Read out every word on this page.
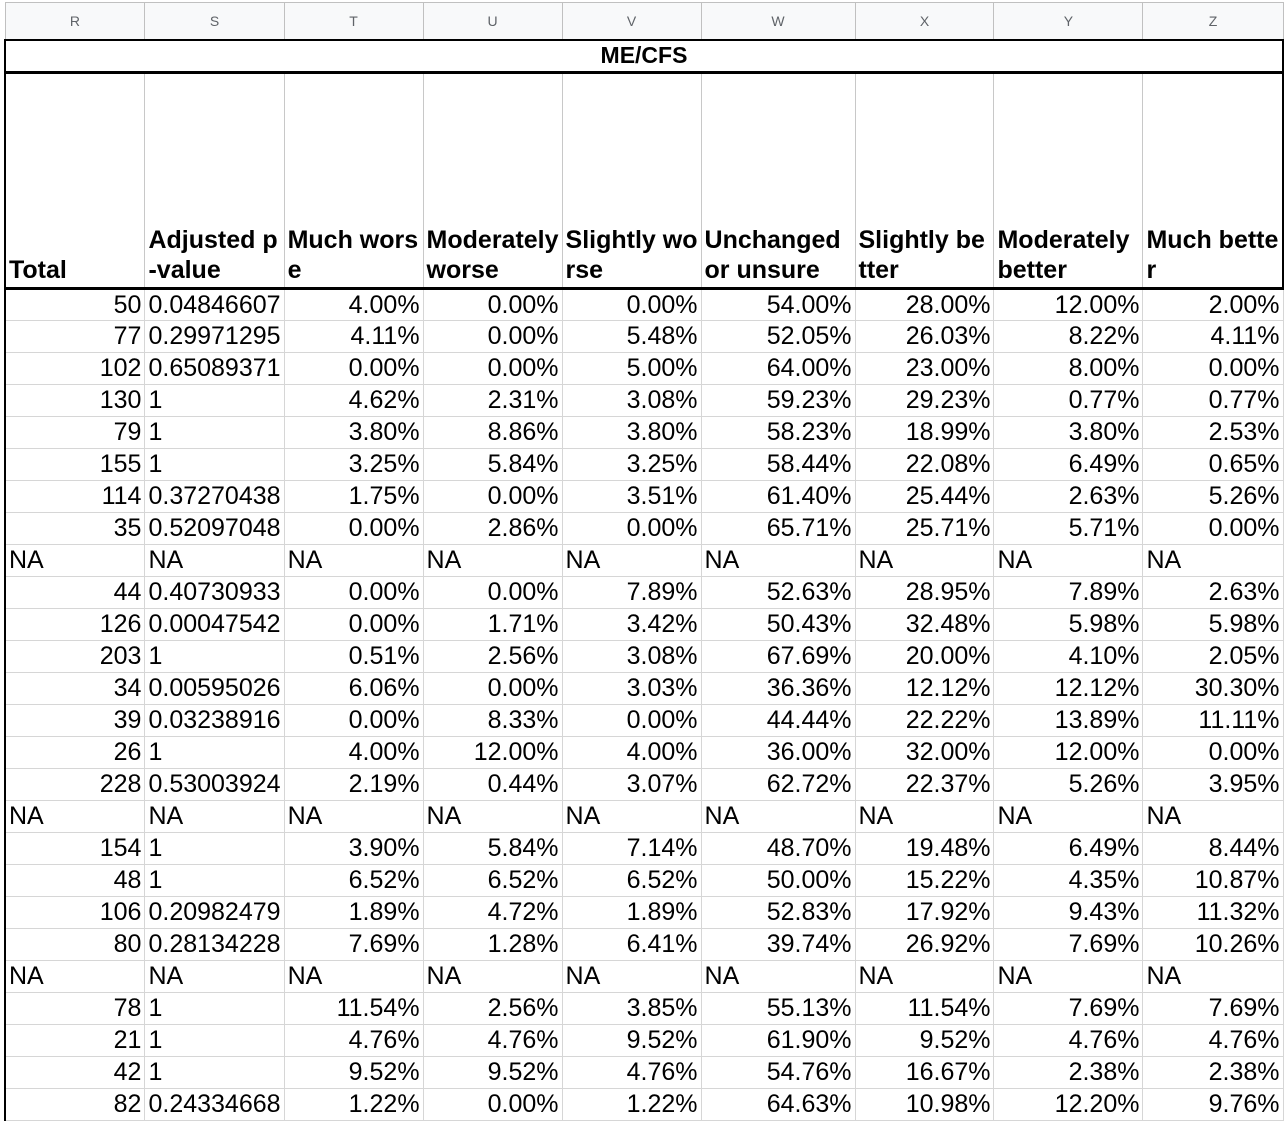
R	S	T	U	V	W	X	Y	Z
ME/CFS								
Total	Adjusted p-value	Much worse	Moderately worse	Slightly worse	Unchanged or unsure	Slightly better	Moderately better	Much better
50	0.04846607	4.00%	0.00%	0.00%	54.00%	28.00%	12.00%	2.00%
77	0.29971295	4.11%	0.00%	5.48%	52.05%	26.03%	8.22%	4.11%
102	0.65089371	0.00%	0.00%	5.00%	64.00%	23.00%	8.00%	0.00%
130	1	4.62%	2.31%	3.08%	59.23%	29.23%	0.77%	0.77%
79	1	3.80%	8.86%	3.80%	58.23%	18.99%	3.80%	2.53%
155	1	3.25%	5.84%	3.25%	58.44%	22.08%	6.49%	0.65%
114	0.37270438	1.75%	0.00%	3.51%	61.40%	25.44%	2.63%	5.26%
35	0.52097048	0.00%	2.86%	0.00%	65.71%	25.71%	5.71%	0.00%
NA	NA	NA	NA	NA	NA	NA	NA	NA
44	0.40730933	0.00%	0.00%	7.89%	52.63%	28.95%	7.89%	2.63%
126	0.00047542	0.00%	1.71%	3.42%	50.43%	32.48%	5.98%	5.98%
203	1	0.51%	2.56%	3.08%	67.69%	20.00%	4.10%	2.05%
34	0.00595026	6.06%	0.00%	3.03%	36.36%	12.12%	12.12%	30.30%
39	0.03238916	0.00%	8.33%	0.00%	44.44%	22.22%	13.89%	11.11%
26	1	4.00%	12.00%	4.00%	36.00%	32.00%	12.00%	0.00%
228	0.53003924	2.19%	0.44%	3.07%	62.72%	22.37%	5.26%	3.95%
NA	NA	NA	NA	NA	NA	NA	NA	NA
154	1	3.90%	5.84%	7.14%	48.70%	19.48%	6.49%	8.44%
48	1	6.52%	6.52%	6.52%	50.00%	15.22%	4.35%	10.87%
106	0.20982479	1.89%	4.72%	1.89%	52.83%	17.92%	9.43%	11.32%
80	0.28134228	7.69%	1.28%	6.41%	39.74%	26.92%	7.69%	10.26%
NA	NA	NA	NA	NA	NA	NA	NA	NA
78	1	11.54%	2.56%	3.85%	55.13%	11.54%	7.69%	7.69%
21	1	4.76%	4.76%	9.52%	61.90%	9.52%	4.76%	4.76%
42	1	9.52%	9.52%	4.76%	54.76%	16.67%	2.38%	2.38%
82	0.24334668	1.22%	0.00%	1.22%	64.63%	10.98%	12.20%	9.76%
